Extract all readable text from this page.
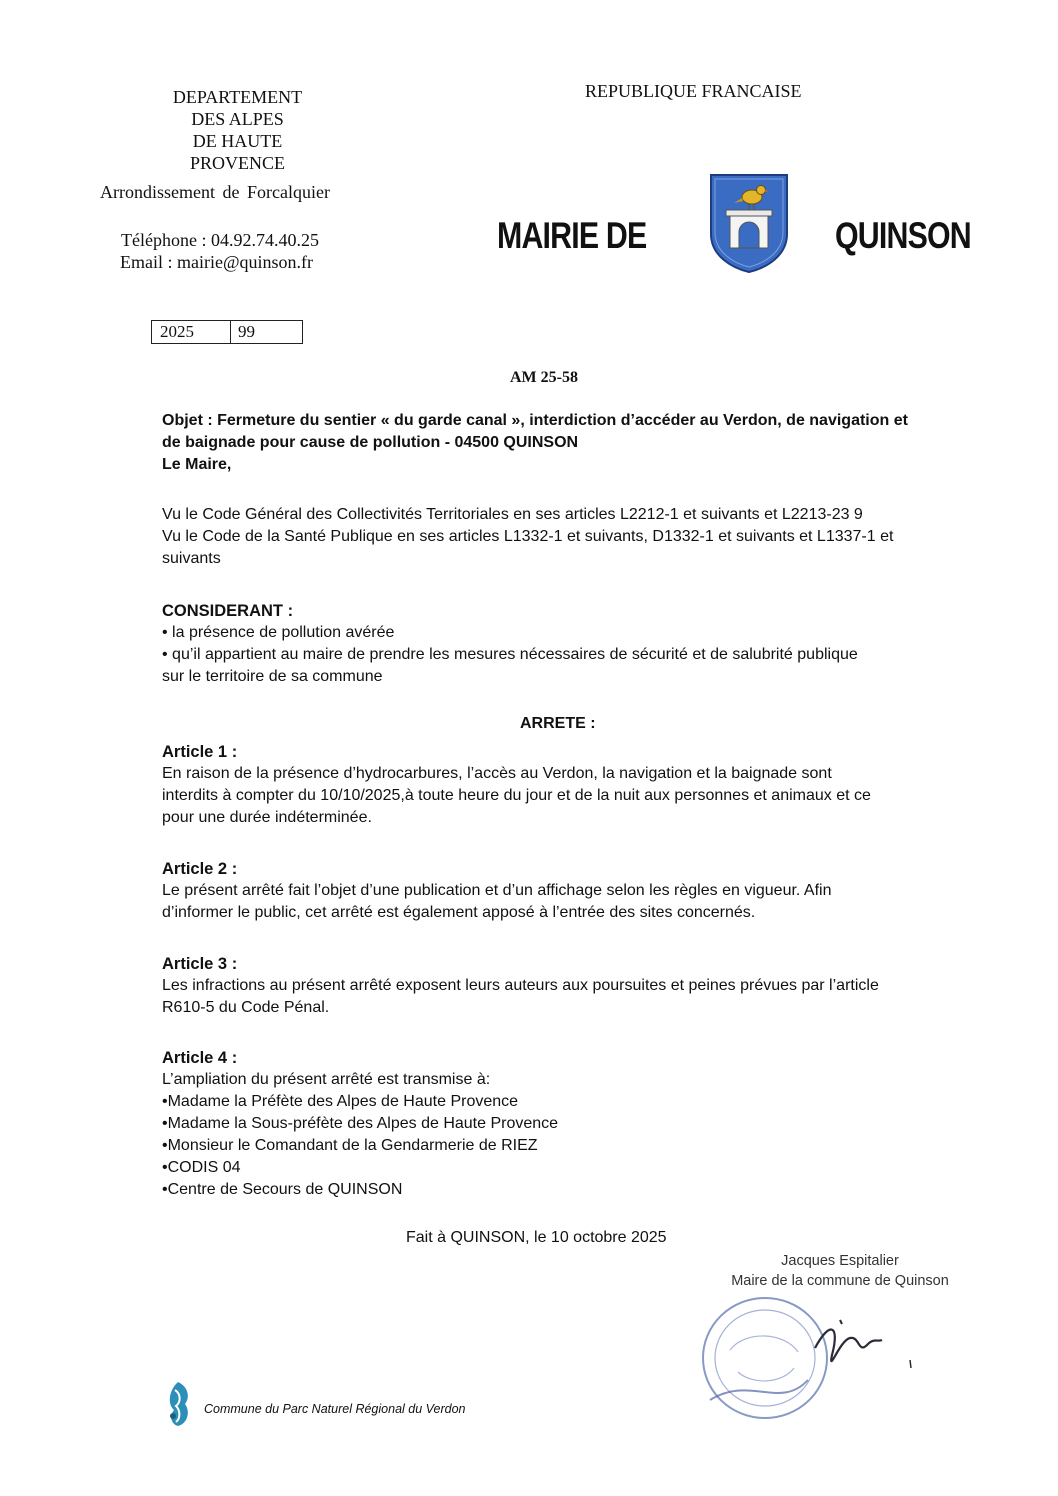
DEPARTEMENT
DES ALPES
DE HAUTE PROVENCE
REPUBLIQUE FRANCAISE
Arrondissement de Forcalquier
Téléphone : 04.92.74.40.25
Email : mairie@quinson.fr
MAIRIE DE	QUINSON
2025	99
AM 25-58
Objet : Fermeture du sentier « du garde canal », interdiction d’accéder au Verdon, de navigation et
de baignade pour cause de pollution - 04500 QUINSON
Le Maire,
Vu le Code Général des Collectivités Territoriales en ses articles L2212-1 et suivants et L2213-23 9
Vu le Code de la Santé Publique en ses articles L1332-1 et suivants, D1332-1 et suivants et L1337-1 et
suivants
CONSIDERANT :
• la présence de pollution avérée
• qu’il appartient au maire de prendre les mesures nécessaires de sécurité et de salubrité publique
sur le territoire de sa commune
ARRETE :
Article 1 :
En raison de la présence d’hydrocarbures, l’accès au Verdon, la navigation et la baignade sont
interdits à compter du 10/10/2025,à toute heure du jour et de la nuit aux personnes et animaux et ce
pour une durée indéterminée.
Article 2 :
Le présent arrêté fait l’objet d’une publication et d’un affichage selon les règles en vigueur. Afin
d’informer le public, cet arrêté est également apposé à l’entrée des sites concernés.
Article 3 :
Les infractions au présent arrêté exposent leurs auteurs aux poursuites et peines prévues par l’article
R610-5 du Code Pénal.
Article 4 :
L’ampliation du présent arrêté est transmise à:
•Madame la Préfète des Alpes de Haute Provence
•Madame la Sous-préfète des Alpes de Haute Provence
•Monsieur le Comandant de la Gendarmerie de RIEZ
•CODIS 04
•Centre de Secours de QUINSON
Fait à QUINSON, le 10 octobre 2025
Jacques Espitalier
Maire de la commune de Quinson
Commune du Parc Naturel Régional du Verdon
